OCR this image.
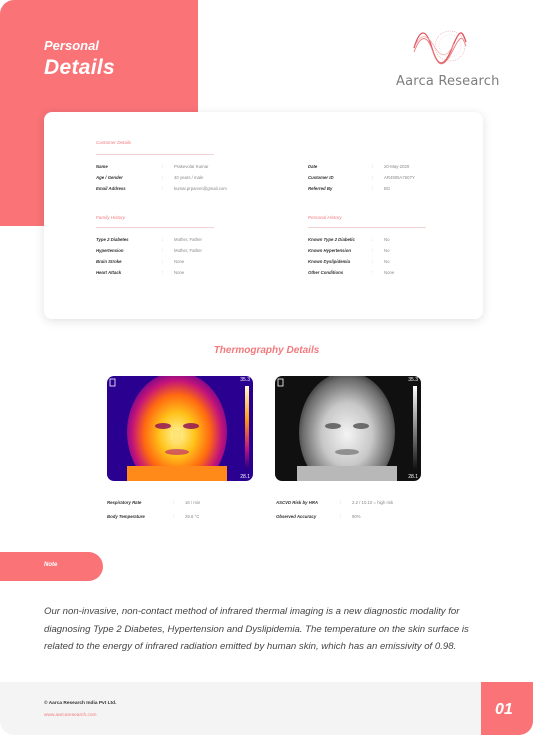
Personal
Details
Aarca Research
Customer Details
Name	:	Prakevolar Kumar
Age / Gender	:	40 years / male
Email Address	:	kumar.prparver@gmail.com
Date	:	20-May-2020
Customer ID	:	AR4905A7607Y
Referred By	:	BG
Family History	Personal History
Type 2 Diabetes	:	Mother, Father
Hypertension	:	Mother, Father
Brain Stroke	:	None
Heart Attack	:	None
Known Type 2 Diabetic	:	No
Known Hypertension	:	No
Known Dyslipidemia	:	No
Other Conditions	:	None
Thermography Details
35.3
28.1
35.3
28.1
Respiratory Rate	:	16 / min
Body Temperature	:	29.6 °C
ASCVD Risk by HRA	:	2.2 / 10.10 = high risk
Observed Accuracy	:	90%
Note
Our non-invasive, non-contact method of infrared thermal imaging is a new diagnostic modality for diagnosing Type 2 Diabetes, Hypertension and Dyslipidemia. The temperature on the skin surface is related to the energy of infrared radiation emitted by human skin, which has an emissivity of 0.98.
© Aarca Research India Pvt Ltd.
www.aarcaresearch.com	01
